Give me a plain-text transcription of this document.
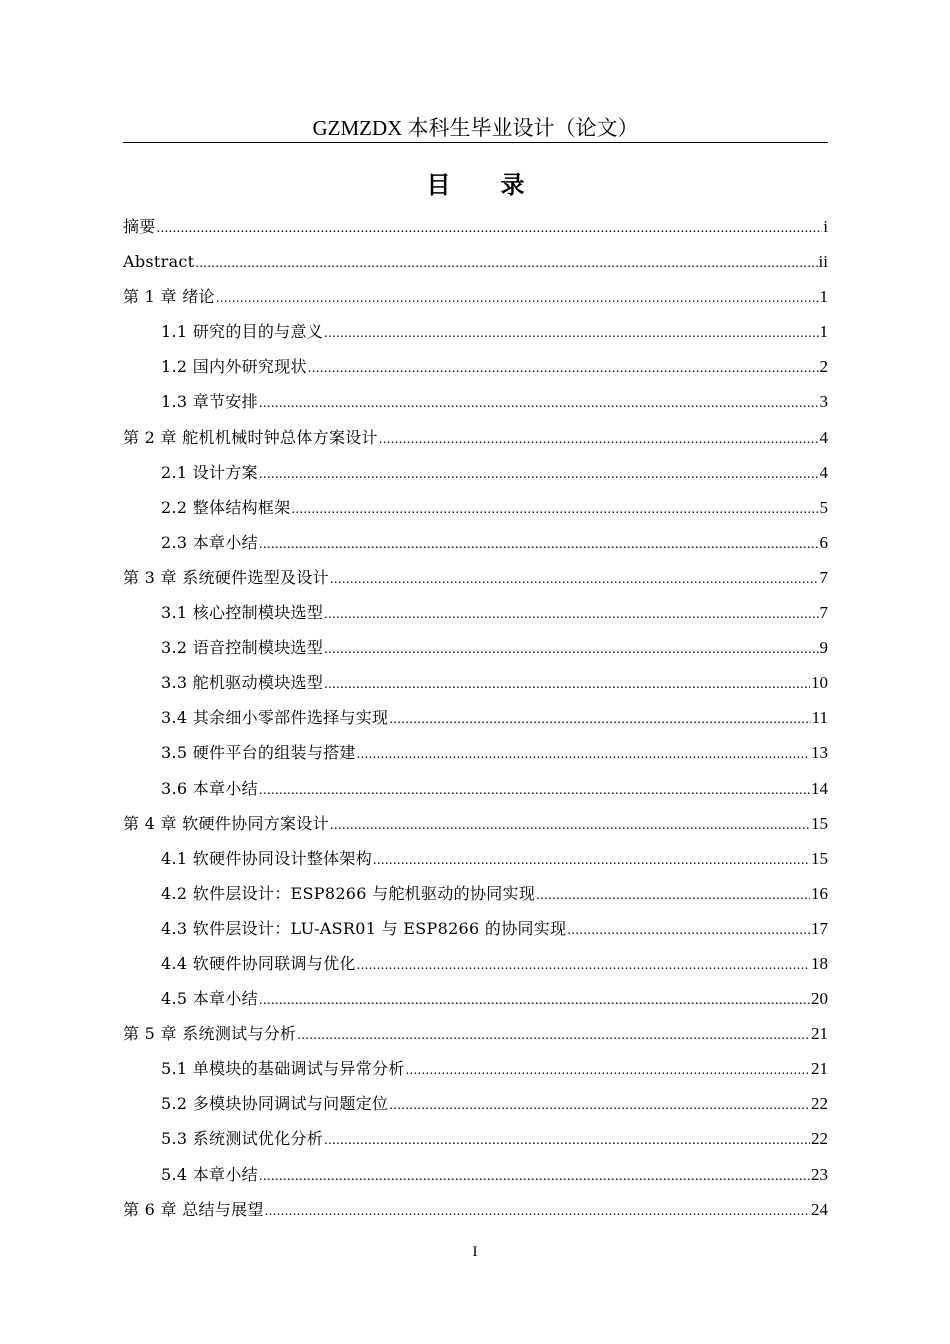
GZMZDX 本科生毕业设计（论文）
目录
摘要 .....	i
Abstract .....	ii
第 1 章 绪论 .....	1
1.1 研究的目的与意义 .....	1
1.2 国内外研究现状 .....	2
1.3 章节安排 .....	3
第 2 章 舵机机械时钟总体方案设计 .....	4
2.1 设计方案 .....	4
2.2 整体结构框架 .....	5
2.3 本章小结 .....	6
第 3 章 系统硬件选型及设计 .....	7
3.1 核心控制模块选型 .....	7
3.2 语音控制模块选型 .....	9
3.3 舵机驱动模块选型 .....	10
3.4 其余细小零部件选择与实现 .....	11
3.5 硬件平台的组装与搭建 .....	13
3.6 本章小结 .....	14
第 4 章 软硬件协同方案设计 .....	15
4.1 软硬件协同设计整体架构 .....	15
4.2 软件层设计：ESP8266 与舵机驱动的协同实现 .....	16
4.3 软件层设计：LU-ASR01 与 ESP8266 的协同实现 .....	17
4.4 软硬件协同联调与优化 .....	18
4.5 本章小结 .....	20
第 5 章 系统测试与分析 .....	21
5.1 单模块的基础调试与异常分析 .....	21
5.2 多模块协同调试与问题定位 .....	22
5.3 系统测试优化分析 .....	22
5.4 本章小结 .....	23
第 6 章 总结与展望 .....	24
I
